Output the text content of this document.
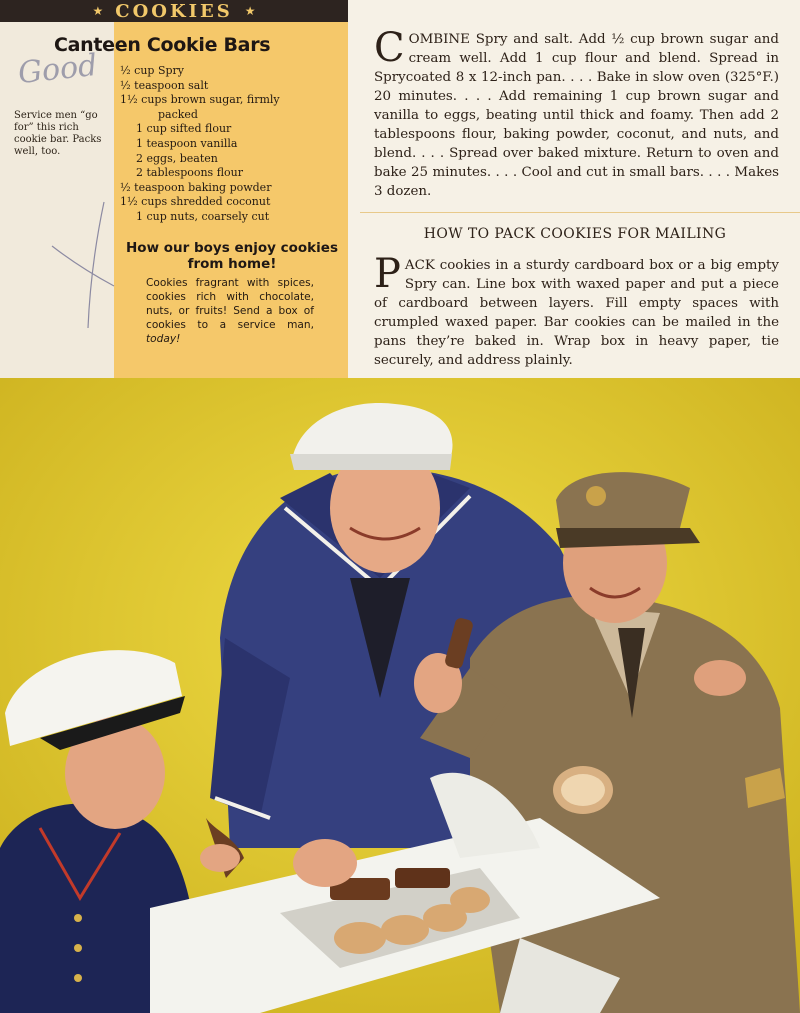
★ COOKIES ★
Canteen Cookie Bars
Good
Service men “go for” this rich cookie bar. Packs well, too.
½ cup Spry
½ teaspoon salt
1½ cups brown sugar, firmly
packed
1 cup sifted flour
1 teaspoon vanilla
2 eggs, beaten
2 tablespoons flour
½ teaspoon baking powder
1½ cups shredded coconut
1 cup nuts, coarsely cut
How our boys enjoy cookies from home!
Cookies fragrant with spices, cookies rich with chocolate, nuts, or fruits! Send a box of cookies to a service man, today!
C OMBINE Spry and salt. Add ½ cup brown sugar and cream well. Add 1 cup flour and blend. Spread in Sprycoated 8 x 12-inch pan. . . . Bake in slow oven (325°F.) 20 minutes. . . . Add remaining 1 cup brown sugar and vanilla to eggs, beating until thick and foamy. Then add 2 tablespoons flour, baking powder, coconut, and nuts, and blend. . . . Spread over baked mixture. Return to oven and bake 25 minutes. . . . Cool and cut in small bars. . . . Makes 3 dozen.
HOW TO PACK COOKIES FOR MAILING
P ACK cookies in a sturdy cardboard box or a big empty Spry can. Line box with waxed paper and put a piece of cardboard between layers. Fill empty spaces with crumpled waxed paper. Bar cookies can be mailed in the pans they’re baked in. Wrap box in heavy paper, tie securely, and address plainly.
